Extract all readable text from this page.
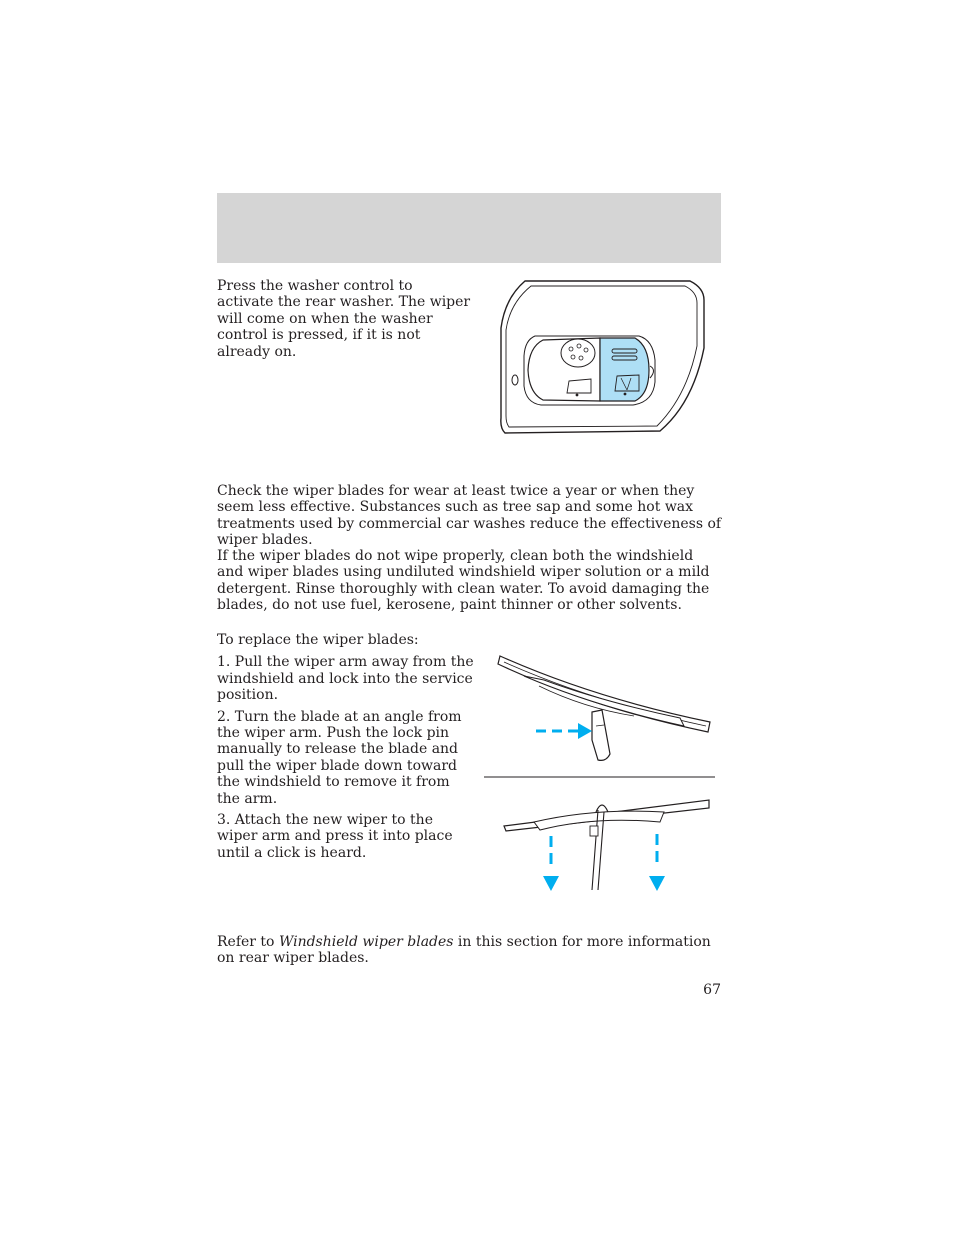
Press the washer control to activate the rear washer. The wiper will come on when the washer control is pressed, if it is not already on.

Check the wiper blades for wear at least twice a year or when they seem less effective. Substances such as tree sap and some hot wax treatments used by commercial car washes reduce the effectiveness of wiper blades.

If the wiper blades do not wipe properly, clean both the windshield and wiper blades using undiluted windshield wiper solution or a mild detergent. Rinse thoroughly with clean water. To avoid damaging the blades, do not use fuel, kerosene, paint thinner or other solvents.

To replace the wiper blades:

1. Pull the wiper arm away from the windshield and lock into the service position.

2. Turn the blade at an angle from the wiper arm. Push the lock pin manually to release the blade and pull the wiper blade down toward the windshield to remove it from the arm.

3. Attach the new wiper to the wiper arm and press it into place until a click is heard.

Refer to Windshield wiper blades in this section for more information on rear wiper blades.

67
